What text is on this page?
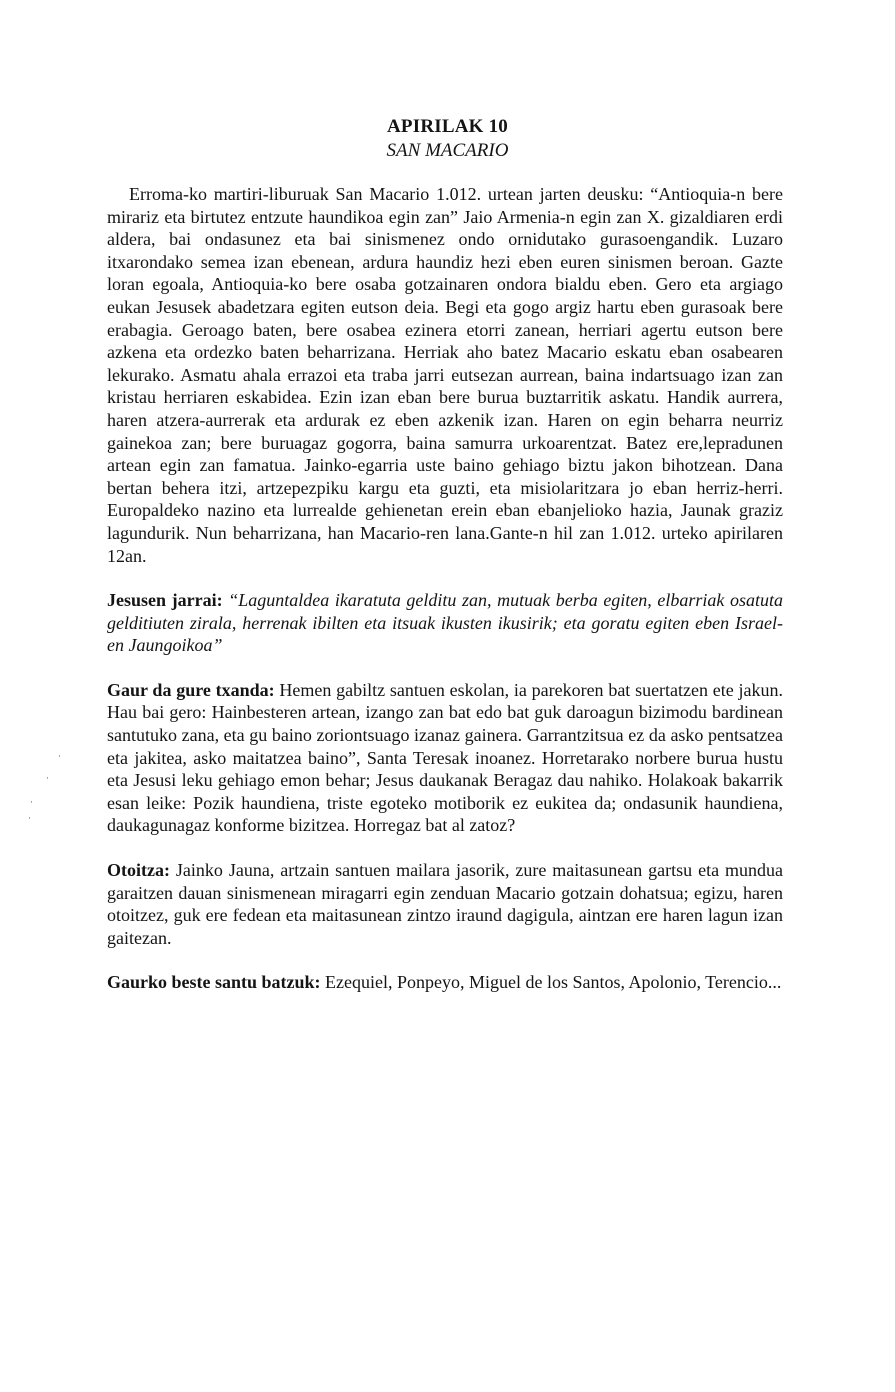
APIRILAK 10
SAN MACARIO

Erroma-ko martiri-liburuak San Macario 1.012. urtean jarten deusku: “Antioquia-n bere mirariz eta birtutez entzute haundikoa egin zan” Jaio Armenia-n egin zan X. gizaldiaren erdi aldera, bai ondasunez eta bai sinismenez ondo ornidutako gurasoengandik. Luzaro itxarondako semea izan ebenean, ardura haundiz hezi eben euren sinismen beroan. Gazte loran egoala, Antioquia-ko bere osaba gotzainaren ondora bialdu eben. Gero eta argiago eukan Jesusek abadetzara egiten eutson deia. Begi eta gogo argiz hartu eben gurasoak bere erabagia. Geroago baten, bere osabea ezinera etorri zanean, herriari agertu eutson bere azkena eta ordezko baten beharrizana. Herriak aho batez Macario eskatu eban osabearen lekurako. Asmatu ahala errazoi eta traba jarri eutsezan aurrean, baina indartsuago izan zan kristau herriaren eskabidea. Ezin izan eban bere burua buztarritik askatu. Handik aurrera, haren atzera-aurrerak eta ardurak ez eben azkenik izan. Haren on egin beharra neurriz gainekoa zan; bere buruagaz gogorra, baina samurra urkoarentzat. Batez ere,lepradunen artean egin zan famatua. Jainko-egarria uste baino gehiago biztu jakon bihotzean. Dana bertan behera itzi, artzepezpiku kargu eta guzti, eta misiolaritzara jo eban herriz-herri. Europaldeko nazino eta lurrealde gehienetan erein eban ebanjelioko hazia, Jaunak graziz lagundurik. Nun beharrizana, han Macario-ren lana.Gante-n hil zan 1.012. urteko apirilaren 12an.

Jesusen jarrai: “Laguntaldea ikaratuta gelditu zan, mutuak berba egiten, elbarriak osatuta gelditiuten zirala, herrenak ibilten eta itsuak ikusten ikusirik; eta goratu egiten eben Israel-en Jaungoikoa”

Gaur da gure txanda: Hemen gabiltz santuen eskolan, ia parekoren bat suertatzen ete jakun. Hau bai gero: Hainbesteren artean, izango zan bat edo bat guk daroagun bizimodu bardinean santutuko zana, eta gu baino zoriontsuago izanaz gainera. Garrantzitsua ez da asko pentsatzea eta jakitea, asko maitatzea baino”, Santa Teresak inoanez. Horretarako norbere burua hustu eta Jesusi leku gehiago emon behar; Jesus daukanak Beragaz dau nahiko. Holakoak bakarrik esan leike: Pozik haundiena, triste egoteko motiborik ez eukitea da; ondasunik haundiena, daukagunagaz konforme bizitzea. Horregaz bat al zatoz?

Otoitza: Jainko Jauna, artzain santuen mailara jasorik, zure maitasunean gartsu eta mundua garaitzen dauan sinismenean miragarri egin zenduan Macario gotzain dohatsua; egizu, haren otoitzez, guk ere fedean eta maitasunean zintzo iraund dagigula, aintzan ere haren lagun izan gaitezan.

Gaurko beste santu batzuk: Ezequiel, Ponpeyo, Miguel de los Santos, Apolonio, Terencio...

·
·
·
·
